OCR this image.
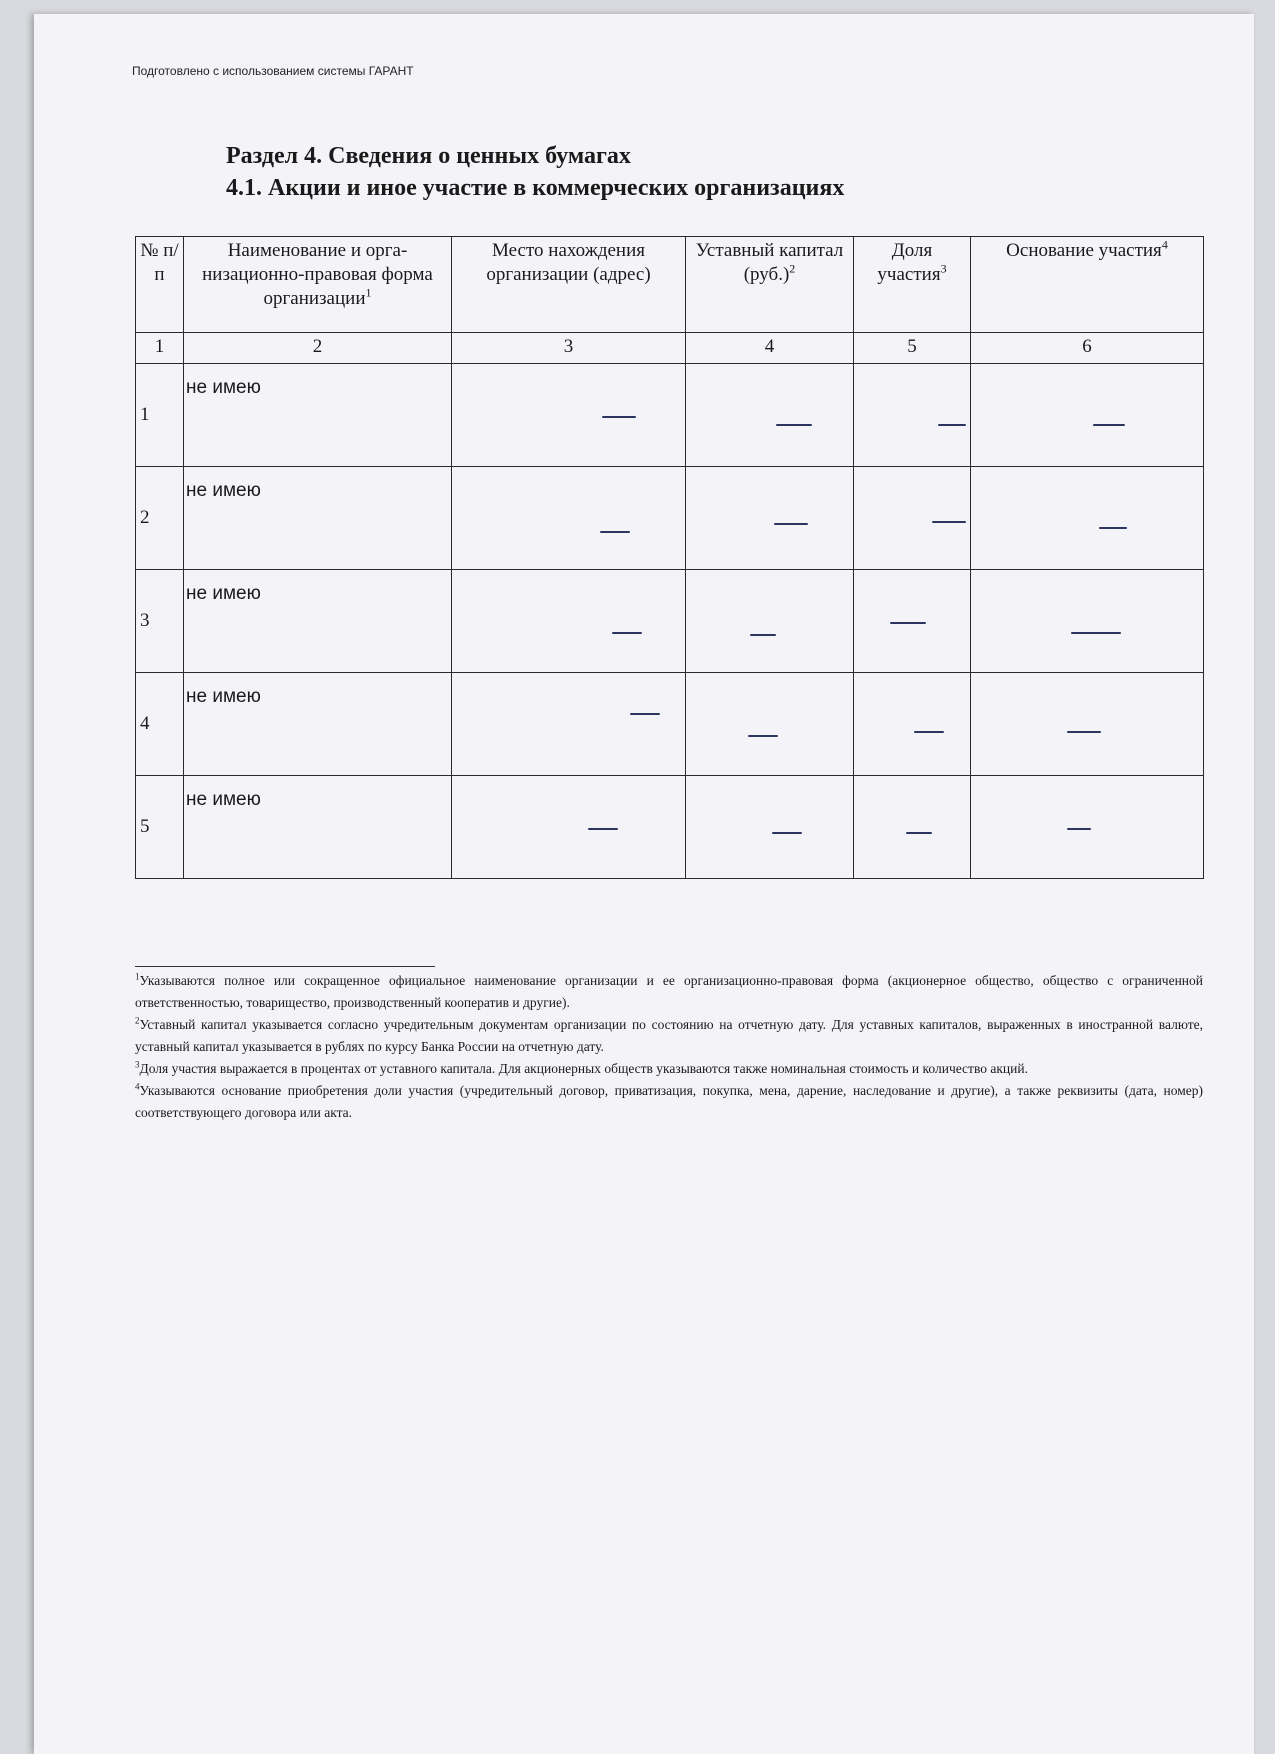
Подготовлено с использованием системы ГАРАНТ
Раздел 4. Сведения о ценных бумагах
4.1. Акции и иное участие в коммерческих организациях
№ п/п	Наименование и орга-низационно-правовая форма организации$^1$	Место нахождения организации (адрес)	Уставный капитал $(руб.)^2$	Доля участия$^3$	Основание участия$^4$
1	2	3	4	5	6
1	не имею	

2	не имею	

3	не имею	

4	не имею	

5	не имею	

$^1$Указываются полное или сокращенное официальное наименование организации и ее организационно-правовая форма (акционерное общество, общество с ограниченной ответственностью, товарищество, производственный кооператив и другие).

$^2$Уставный капитал указывается согласно учредительным документам организации по состоянию на отчетную дату. Для уставных капиталов, выраженных в иностранной валюте, уставный капитал указывается в рублях по курсу Банка России на отчетную дату.

$^3$Доля участия выражается в процентах от уставного капитала. Для акционерных обществ указываются также номинальная стоимость и количество акций.

$^4$Указываются основание приобретения доли участия (учредительный договор, приватизация, покупка, мена, дарение, наследование и другие), а также реквизиты (дата, номер) соответствующего договора или акта.
